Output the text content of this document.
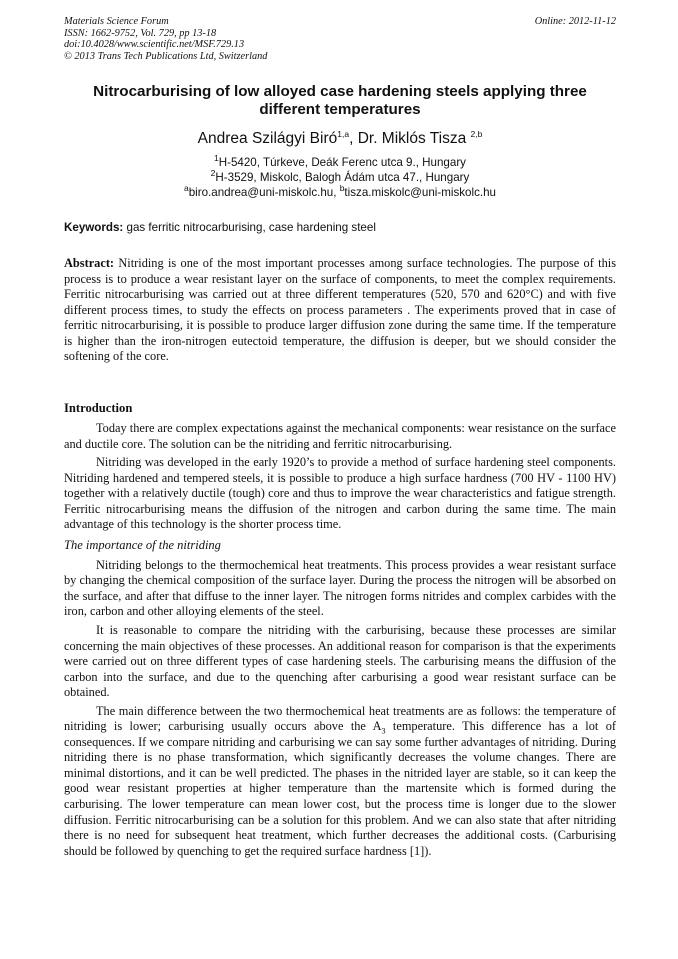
Materials Science Forum
ISSN: 1662-9752, Vol. 729, pp 13-18
doi:10.4028/www.scientific.net/MSF.729.13
© 2013 Trans Tech Publications Ltd, Switzerland
Online: 2012-11-12
Nitrocarburising of low alloyed case hardening steels applying three different temperatures
Andrea Szilágyi Biró$^{1,a}$, Dr. Miklós Tisza $^{2,b}$
$^1$H-5420, Túrkeve, Deák Ferenc utca 9., Hungary
$^2$H-3529, Miskolc, Balogh Ádám utca 47., Hungary
$^a$biro.andrea@uni-miskolc.hu, $^b$tisza.miskolc@uni-miskolc.hu
Keywords: gas ferritic nitrocarburising, case hardening steel

Abstract: Nitriding is one of the most important processes among surface technologies. The purpose of this process is to produce a wear resistant layer on the surface of components, to meet the complex requirements. Ferritic nitrocarburising was carried out at three different temperatures (520, 570 and 620°C) and with five different process times, to study the effects on process parameters . The experiments proved that in case of ferritic nitrocarburising, it is possible to produce larger diffusion zone during the same time. If the temperature is higher than the iron-nitrogen eutectoid temperature, the diffusion is deeper, but we should consider the softening of the core.

Introduction

Today there are complex expectations against the mechanical components: wear resistance on the surface and ductile core. The solution can be the nitriding and ferritic nitrocarburising.

Nitriding was developed in the early 1920’s to provide a method of surface hardening steel components. Nitriding hardened and tempered steels, it is possible to produce a high surface hardness (700 HV - 1100 HV) together with a relatively ductile (tough) core and thus to improve the wear characteristics and fatigue strength. Ferritic nitrocarburising means the diffusion of the nitrogen and carbon during the same time. The main advantage of this technology is the shorter process time.

The importance of the nitriding

Nitriding belongs to the thermochemical heat treatments. This process provides a wear resistant surface by changing the chemical composition of the surface layer. During the process the nitrogen will be absorbed on the surface, and after that diffuse to the inner layer. The nitrogen forms nitrides and complex carbides with the iron, carbon and other alloying elements of the steel.

It is reasonable to compare the nitriding with the carburising, because these processes are similar concerning the main objectives of these processes. An additional reason for comparison is that the experiments were carried out on three different types of case hardening steels. The carburising means the diffusion of the carbon into the surface, and due to the quenching after carburising a good wear resistant surface can be obtained.

The main difference between the two thermochemical heat treatments are as follows: the temperature of nitriding is lower; carburising usually occurs above the $A_3$ temperature. This difference has a lot of consequences. If we compare nitriding and carburising we can say some further advantages of nitriding. During nitriding there is no phase transformation, which significantly decreases the volume changes. There are minimal distortions, and it can be well predicted. The phases in the nitrided layer are stable, so it can keep the good wear resistant properties at higher temperature than the martensite which is formed during the carburising. The lower temperature can mean lower cost, but the process time is longer due to the slower diffusion. Ferritic nitrocarburising can be a solution for this problem. And we can also state that after nitriding there is no need for subsequent heat treatment, which further decreases the additional costs. (Carburising should be followed by quenching to get the required surface hardness [1]).
